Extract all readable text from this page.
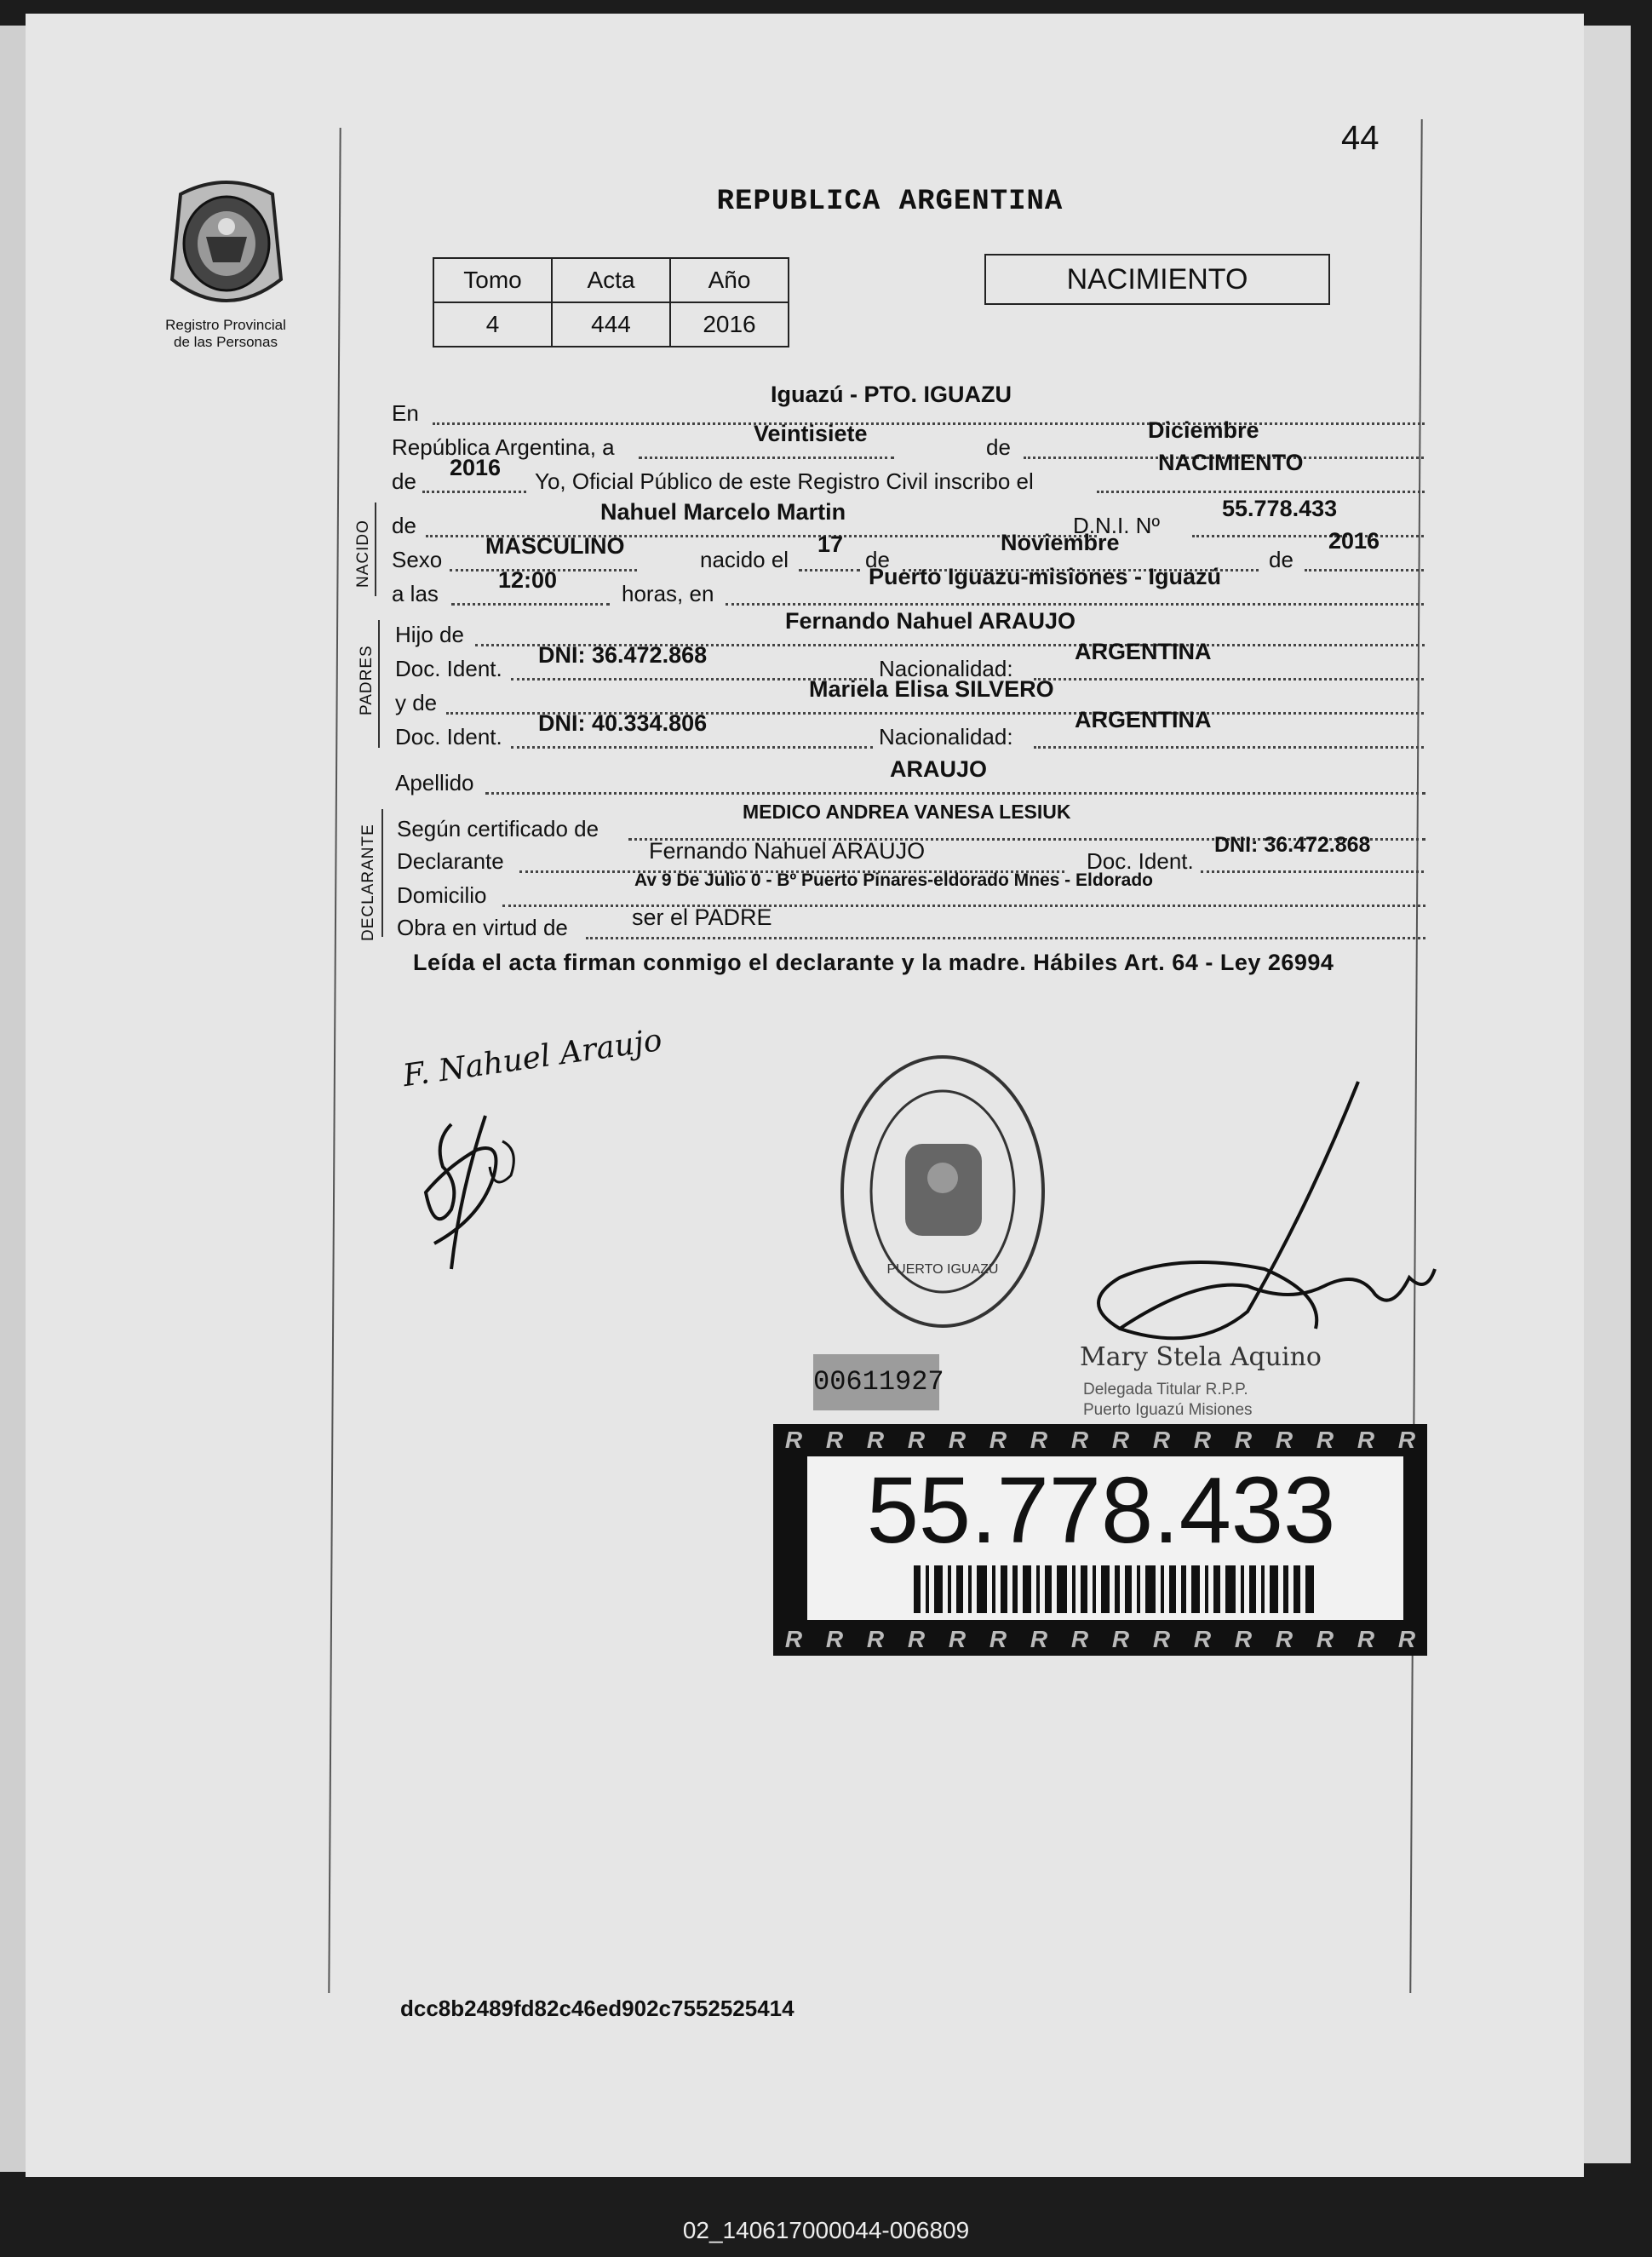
44
Registro Provincial
de las Personas
REPUBLICA ARGENTINA
Tomo	Acta	Año
4	444	2016
NACIMIENTO
En
Iguazú - PTO. IGUAZU
República Argentina, a
Veintisiete
de
Diciembre
de
2016
Yo, Oficial Público de este Registro Civil inscribo el
NACIMIENTO
NACIDO de
Nahuel Marcelo Martin
D.N.I. Nº
55.778.433
Sexo
MASCULINO
nacido el
17
de
Noviembre
de
2016
a las
12:00
horas, en
Puerto Iguazu-misiones - Iguazú
PADRES
Hijo de
Fernando Nahuel ARAUJO
Doc. Ident.
DNI: 36.472.868
Nacionalidad:
ARGENTINA
y de
Mariela Elisa SILVERO
Doc. Ident.
DNI: 40.334.806
Nacionalidad:
ARGENTINA
Apellido
ARAUJO
DECLARANTE Según certificado de
MEDICO ANDREA VANESA LESIUK
Declarante	Fernando Nahuel ARAUJO	Doc. Ident.
DNI: 36.472.868
Domicilio
Av 9 De Julio 0 - Bº Puerto Pinares-eldorado Mnes - Eldorado
Obra en virtud de	ser el PADRE
Leída el acta firman conmigo el declarante y la madre. Hábiles Art. 64 - Ley 26994
F. Nahuel Araujo
PUERTO IGUAZU
00611927
Mary Stela Aquino
Delegada Titular R.P.P.
Puerto Iguazú Misiones
R R R R R R R R R R R R R R R R
R R R R R R R R R R R R R R R R
55.778.433
dcc8b2489fd82c46ed902c7552525414
02_140617000044-006809
